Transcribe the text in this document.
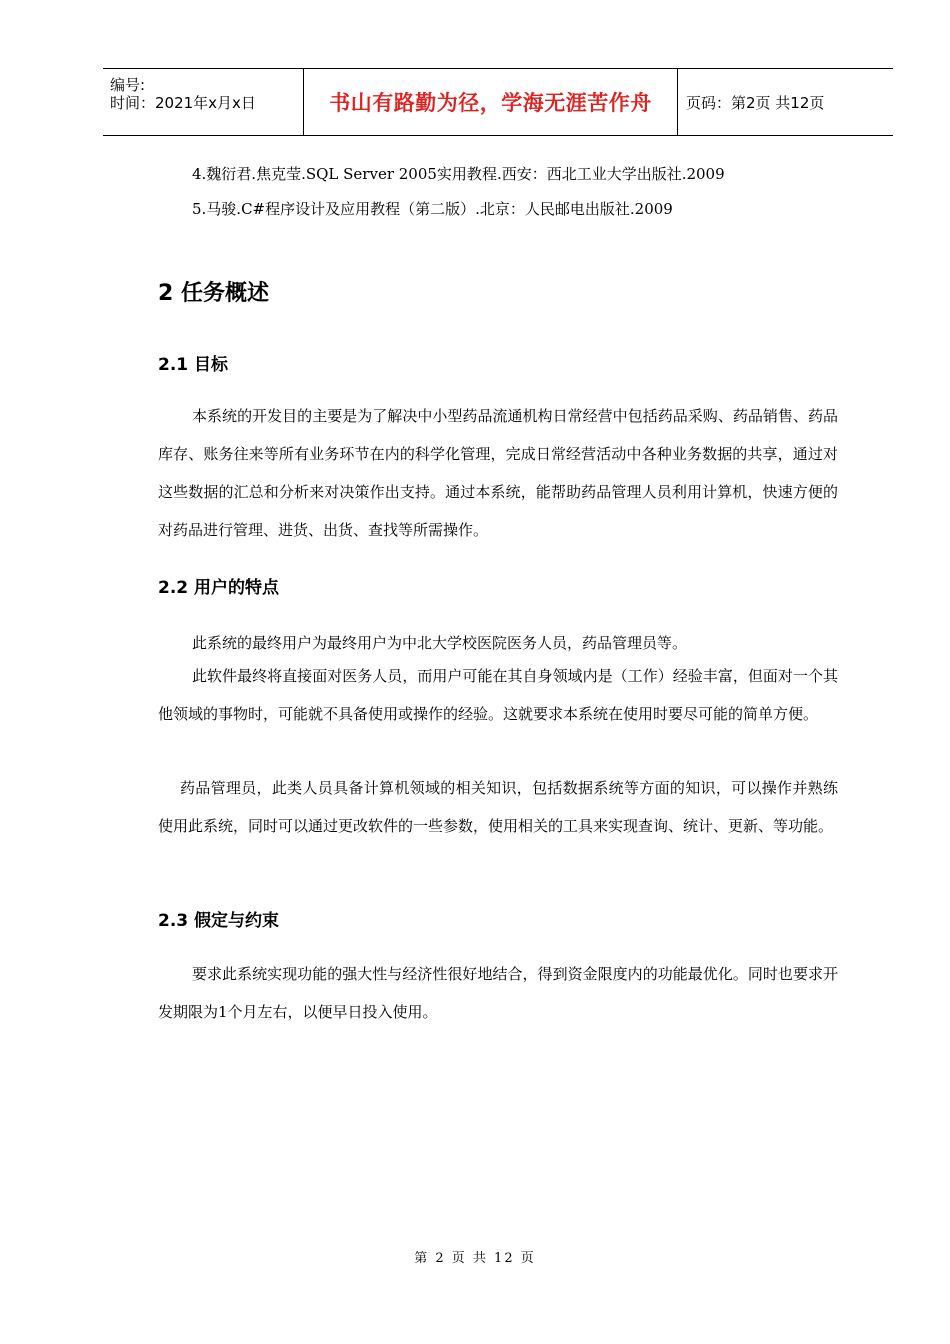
编号:
时间：2021年x月x日	书山有路勤为径，学海无涯苦作舟	页码：第2页 共12页
4.魏衍君.焦克莹.SQL Server 2005实用教程.西安：西北工业大学出版社.2009
5.马骏.C#程序设计及应用教程（第二版）.北京：人民邮电出版社.2009
2 任务概述
2.1 目标
本系统的开发目的主要是为了解决中小型药品流通机构日常经营中包括药品采购、药品销售、药品库存、账务往来等所有业务环节在内的科学化管理，完成日常经营活动中各种业务数据的共享，通过对这些数据的汇总和分析来对决策作出支持。通过本系统，能帮助药品管理人员利用计算机，快速方便的对药品进行管理、进货、出货、查找等所需操作。
2.2 用户的特点
此系统的最终用户为最终用户为中北大学校医院医务人员，药品管理员等。
此软件最终将直接面对医务人员，而用户可能在其自身领域内是（工作）经验丰富，但面对一个其他领域的事物时，可能就不具备使用或操作的经验。这就要求本系统在使用时要尽可能的简单方便。
药品管理员，此类人员具备计算机领域的相关知识，包括数据系统等方面的知识，可以操作并熟练使用此系统，同时可以通过更改软件的一些参数，使用相关的工具来实现查询、统计、更新、等功能。
2.3 假定与约束
要求此系统实现功能的强大性与经济性很好地结合，得到资金限度内的功能最优化。同时也要求开发期限为1个月左右，以便早日投入使用。
第 2 页 共 12 页
